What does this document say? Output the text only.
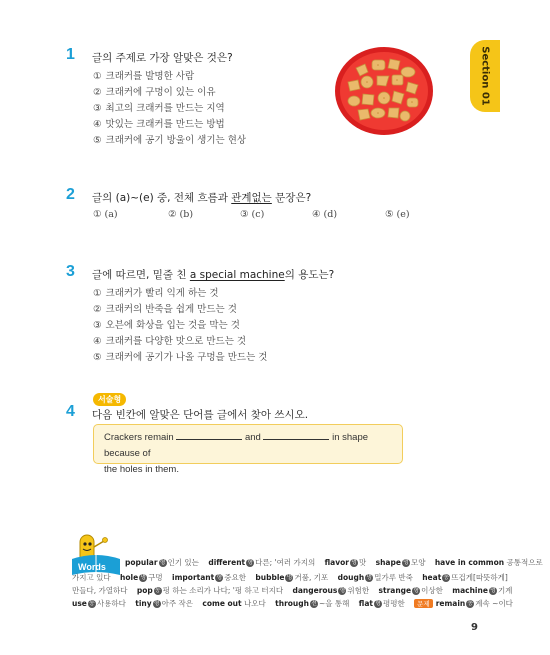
Section 01
1 글의 주제로 가장 알맞은 것은?
① 크래커를 발명한 사람
② 크래커에 구멍이 있는 이유
③ 최고의 크래커를 만드는 지역
④ 맛있는 크래커를 만드는 방법
⑤ 크래커에 공기 방울이 생기는 현상
2 글의 (a)~(e) 중, 전체 흐름과 관계없는 문장은?
① (a)	② (b)	③ (c)	④ (d)	⑤ (e)
3 글에 따르면, 밑줄 친 a special machine의 용도는?
① 크래커가 빨리 익게 하는 것
② 크래커의 반죽을 쉽게 만드는 것
③ 오븐에 화상을 입는 것을 막는 것
④ 크래커를 다양한 맛으로 만드는 것
⑤ 크래커에 공기가 나올 구멍을 만드는 것
서술형
4 다음 빈칸에 알맞은 단어를 글에서 찾아 쓰시오.
Crackers remain	and	in shape because of
the holes in them.
Words	popular 형 인기 있는 different 형 다른; '여러 가지의 flavor 명 맛 shape 명 모양 have in common 공통적으로
가지고 있다 hole 명 구멍 important 형 중요한 bubble 명 거품, 기포 dough 명 밀가루 반죽 heat 동 뜨겁게[따뜻하게]
만들다, 가열하다 pop 동 펑 하는 소리가 나다; '펑 하고 터지다 dangerous 형 위험한 strange 형 이상한 machine 명 기계
use 동 사용하다 tiny 형 아주 작은 come out 나오다 through 전 ~을 통해 flat 형 평평한 문제 remain 동 계속 ~이다
9
